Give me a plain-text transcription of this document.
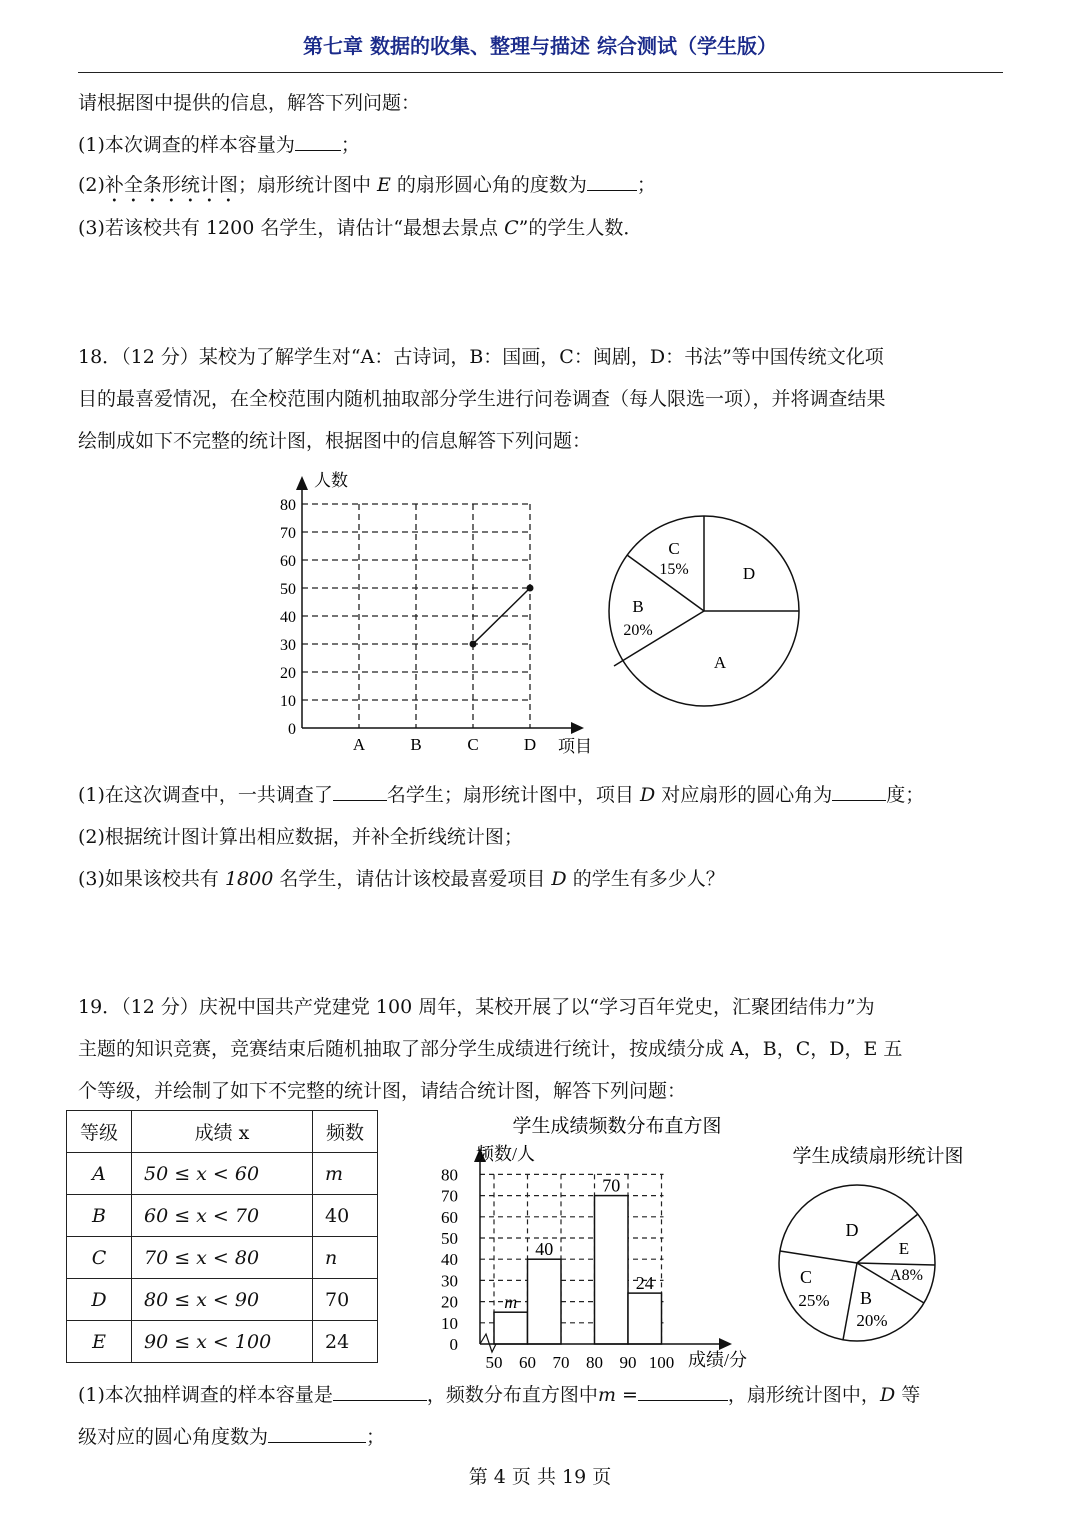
第七章 数据的收集、整理与描述 综合测试（学生版）
请根据图中提供的信息，解答下列问题：
(1)本次调查的样本容量为 ；
(2)补全条形统计图；扇形统计图中 E 的扇形圆心角的度数为	；
(3)若该校共有 1200 名学生，请估计“最想去景点 C”的学生人数．
18．（12 分）某校为了解学生对“A：古诗词，B：国画，C：闽剧，D：书法”等中国传统文化项
目的最喜爱情况，在全校范围内随机抽取部分学生进行问卷调查（每人限选一项），并将调查结果
绘制成如下不完整的统计图，根据图中的信息解答下列问题：
0
10
20
30
40
50
60
70
80
A	B	C	D
人数
项目
C
15%	D
B
20%
A
(1)在这次调查中，一共调查了	名学生；扇形统计图中，项目 D 对应扇形的圆心角为	度；
(2)根据统计图计算出相应数据，并补全折线统计图；
(3)如果该校共有 1800 名学生，请估计该校最喜爱项目 D 的学生有多少人？
19．（12 分）庆祝中国共产党建党 100 周年，某校开展了以“学习百年党史，汇聚团结伟力”为
主题的知识竞赛，竞赛结束后随机抽取了部分学生成绩进行统计，按成绩分成 A，B，C，D，E 五
个等级，并绘制了如下不完整的统计图，请结合统计图，解答下列问题：
等级	成绩 x	频数
A	50 ≤ x < 60	m
B	60 ≤ x < 70	40
C	70 ≤ x < 80	n
D	80 ≤ x < 90	70
E	90 ≤ x < 100	24
学生成绩频数分布直方图
0
10
20
30
40
50
60
70
80
50 60 70 80 90 100
m
40
70
24
频数/人
成绩/分
学生成绩扇形统计图
D
E
A8%
C
25% B
20%
(1)本次抽样调查的样本容量是	，频数分布直方图中m =	，扇形统计图中，D 等
级对应的圆心角度数为	；
第 4 页 共 19 页
